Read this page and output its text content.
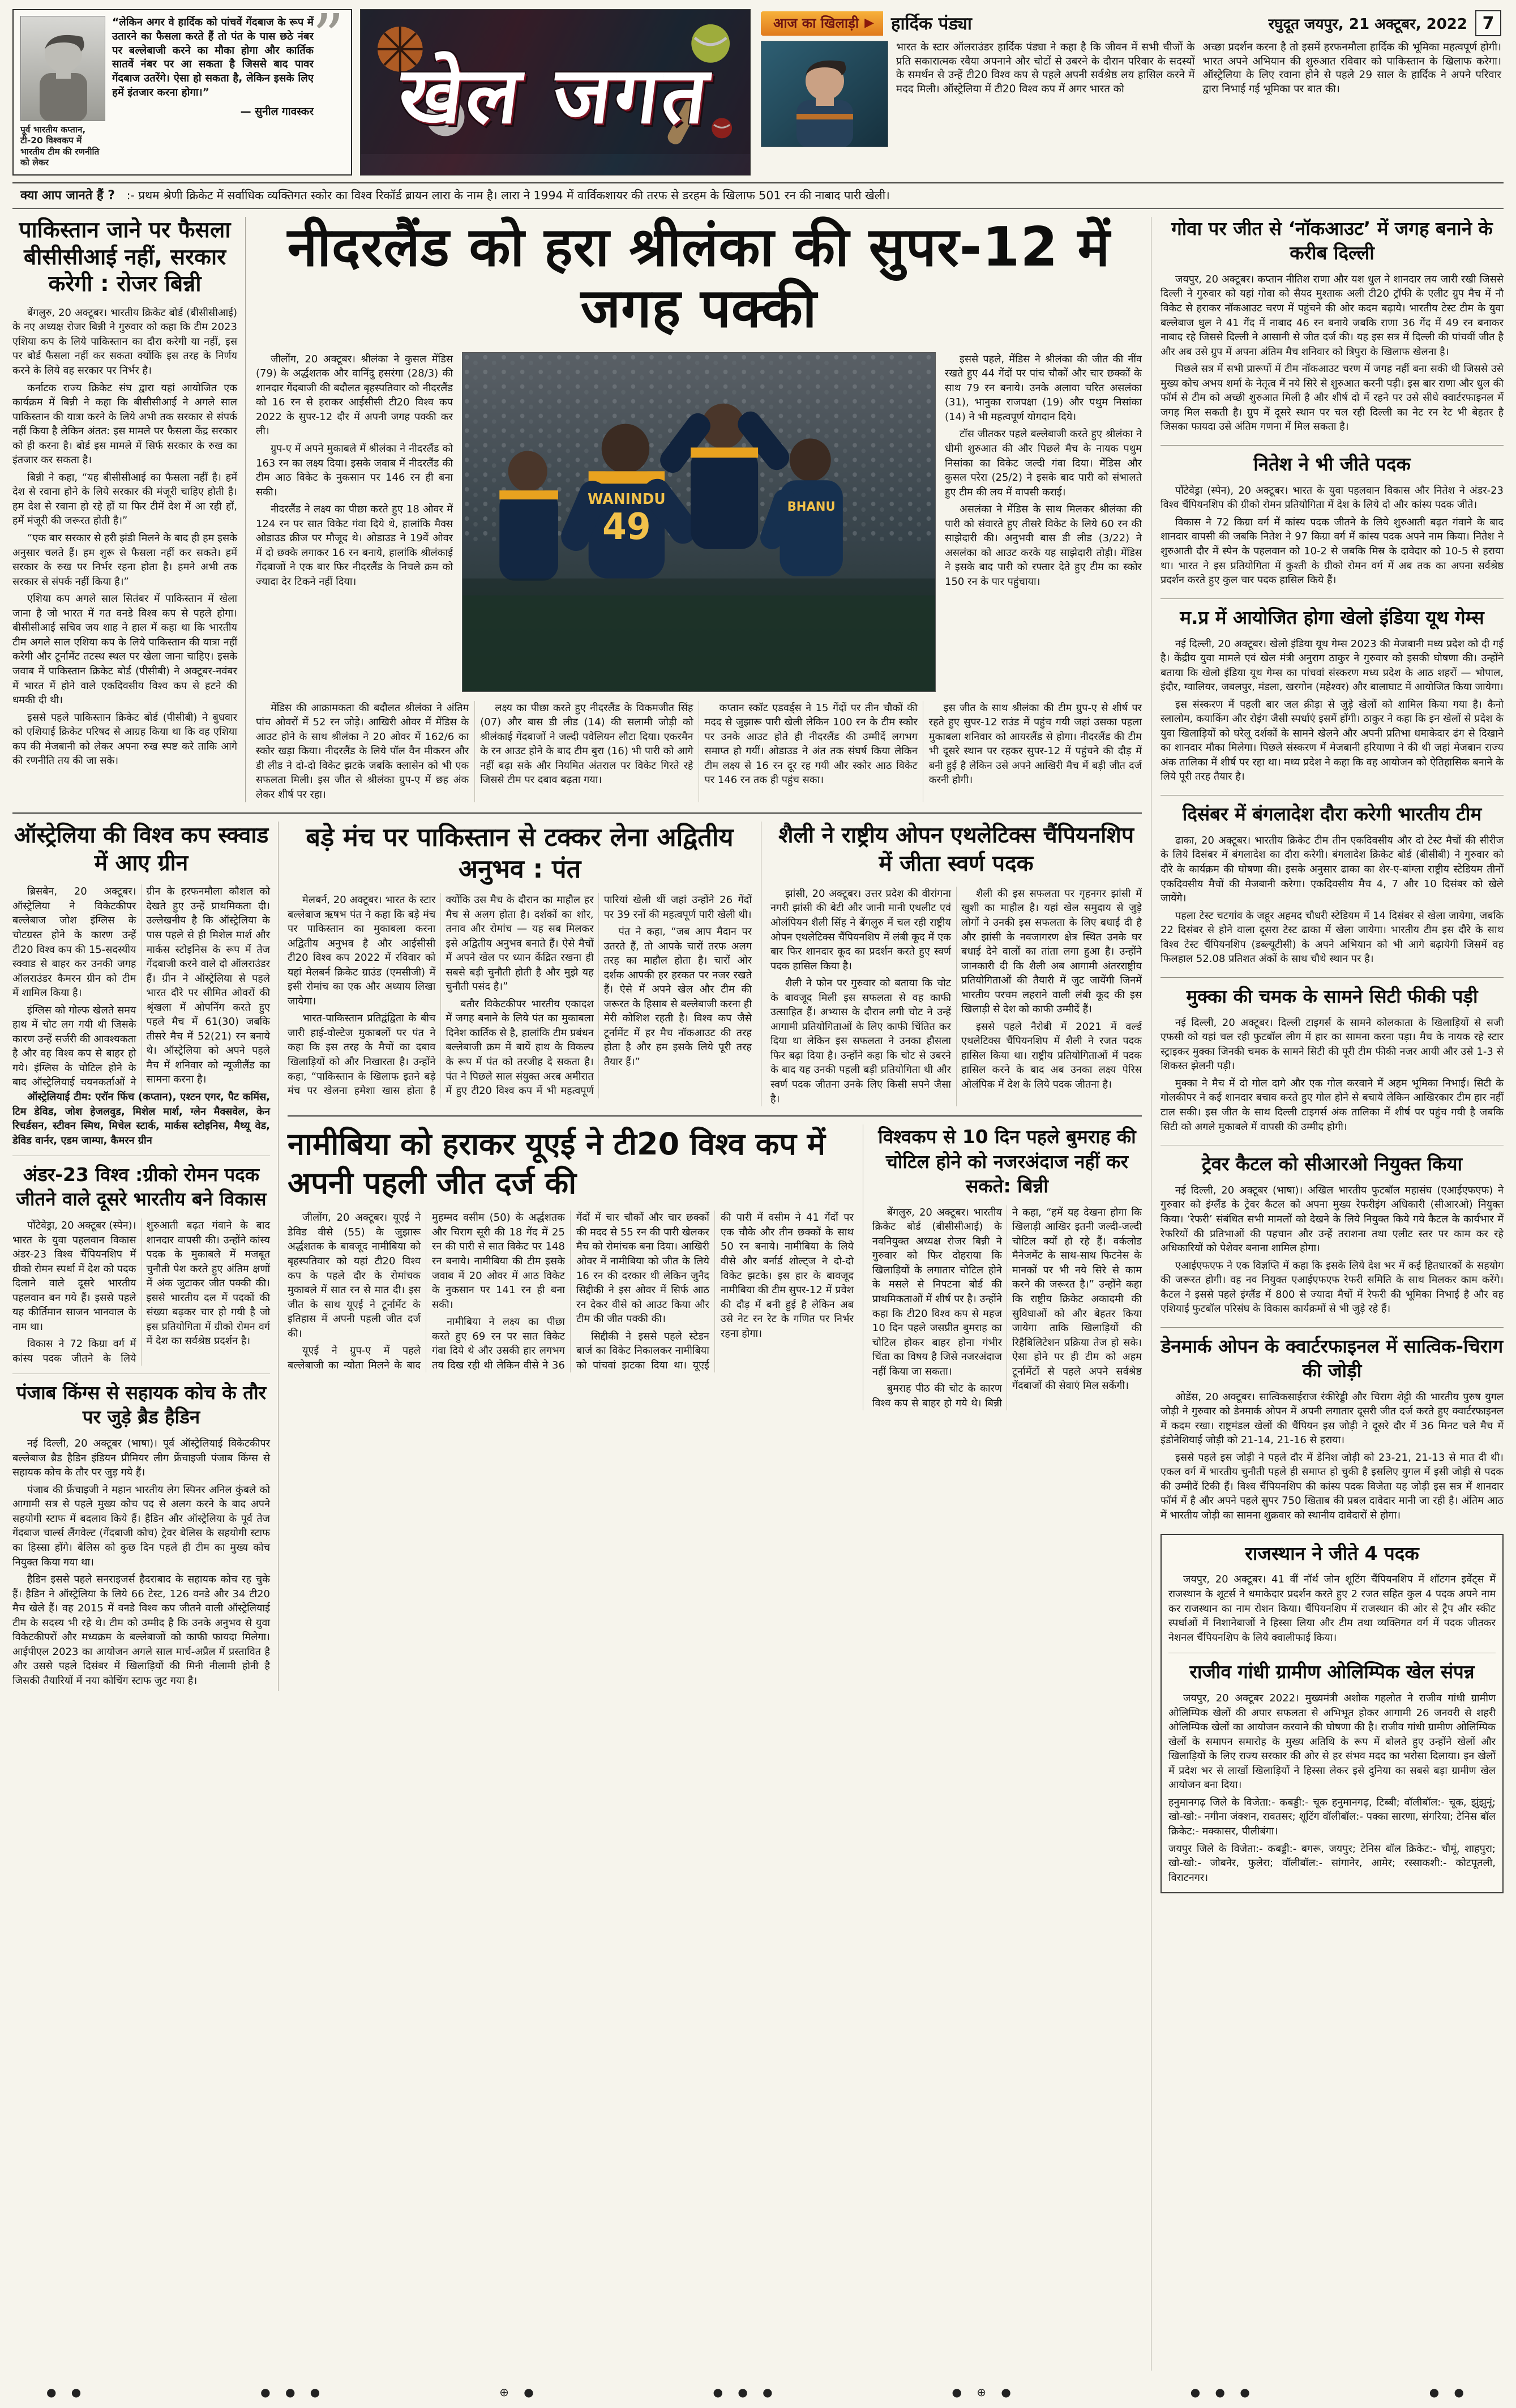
”

“लेकिन अगर वे हार्दिक को पांचवें गेंदबाज के रूप में उतारने का फैसला करते हैं तो पंत के पास छठे नंबर पर बल्लेबाजी करने का मौका होगा और कार्तिक सातवें नंबर पर आ सकता है जिससे बाद पावर गेंदबाज उतरेंगे। ऐसा हो सकता है, लेकिन इसके लिए हमें इंतजार करना होगा।”

— सुनील गावस्कर

पूर्व भारतीय कप्तान, टी-20 विश्वकप में भारतीय टीम की रणनीति को लेकर

खेल जगत
आज का खिलाड़ी ▶ हार्दिक पंड्या	रघुदूत जयपुर, 21 अक्टूबर, 2022 7

भारत के स्टार ऑलराउंडर हार्दिक पंड्या ने कहा है कि जीवन में सभी चीजों के प्रति सकारात्मक रवैया अपनाने और चोटों से उबरने के दौरान परिवार के सदस्यों के समर्थन से उन्हें टी20 विश्व कप से पहले अपनी सर्वश्रेष्ठ लय हासिल करने में मदद मिली। ऑस्ट्रेलिया में टी20 विश्व कप में अगर भारत को

अच्छा प्रदर्शन करना है तो इसमें हरफनमौला हार्दिक की भूमिका महत्वपूर्ण होगी। भारत अपने अभियान की शुरुआत रविवार को पाकिस्तान के खिलाफ करेगा। ऑस्ट्रेलिया के लिए रवाना होने से पहले 29 साल के हार्दिक ने अपने परिवार द्वारा निभाई गई भूमिका पर बात की।

क्या आप जानते हैं ? :- प्रथम श्रेणी क्रिकेट में सर्वाधिक व्यक्तिगत स्कोर का विश्व रिकॉर्ड ब्रायन लारा के नाम है। लारा ने 1994 में वार्विकशायर की तरफ से डरहम के खिलाफ 501 रन की नाबाद पारी खेली।
पाकिस्तान जाने पर फैसला बीसीसीआई नहीं, सरकार करेगी : रोजर बिन्नी

बेंगलुरु, 20 अक्टूबर। भारतीय क्रिकेट बोर्ड (बीसीसीआई) के नए अध्यक्ष रोजर बिन्नी ने गुरुवार को कहा कि टीम 2023 एशिया कप के लिये पाकिस्तान का दौरा करेगी या नहीं, इस पर बोर्ड फैसला नहीं कर सकता क्योंकि इस तरह के निर्णय करने के लिये वह सरकार पर निर्भर है।

कर्नाटक राज्य क्रिकेट संघ द्वारा यहां आयोजित एक कार्यक्रम में बिन्नी ने कहा कि बीसीसीआई ने अगले साल पाकिस्तान की यात्रा करने के लिये अभी तक सरकार से संपर्क नहीं किया है लेकिन अंतत: इस मामले पर फैसला केंद्र सरकार को ही करना है। बोर्ड इस मामले में सिर्फ सरकार के रुख का इंतजार कर सकता है।

बिन्नी ने कहा, “यह बीसीसीआई का फैसला नहीं है। हमें देश से रवाना होने के लिये सरकार की मंजूरी चाहिए होती है। हम देश से रवाना हो रहे हों या फिर टीमें देश में आ रही हों, हमें मंजूरी की जरूरत होती है।”

“एक बार सरकार से हरी झंडी मिलने के बाद ही हम इसके अनुसार चलते हैं। हम शुरू से फैसला नहीं कर सकते। हमें सरकार के रुख पर निर्भर रहना होता है। हमने अभी तक सरकार से संपर्क नहीं किया है।”

एशिया कप अगले साल सितंबर में पाकिस्तान में खेला जाना है जो भारत में गत वनडे विश्व कप से पहले होगा। बीसीसीआई सचिव जय शाह ने हाल में कहा था कि भारतीय टीम अगले साल एशिया कप के लिये पाकिस्तान की यात्रा नहीं करेगी और टूर्नामेंट तटस्थ स्थल पर खेला जाना चाहिए। इसके जवाब में पाकिस्तान क्रिकेट बोर्ड (पीसीबी) ने अक्टूबर-नवंबर में भारत में होने वाले एकदिवसीय विश्व कप से हटने की धमकी दी थी।

इससे पहले पाकिस्तान क्रिकेट बोर्ड (पीसीबी) ने बुधवार को एशियाई क्रिकेट परिषद से आग्रह किया था कि वह एशिया कप की मेजबानी को लेकर अपना रुख स्पष्ट करे ताकि आगे की रणनीति तय की जा सके।

नीदरलैंड को हरा श्रीलंका की सुपर-12 में जगह पक्की

जीलोंग, 20 अक्टूबर। श्रीलंका ने कुसल मेंडिस (79) के अर्द्धशतक और वानिंदु हसरंगा (28/3) की शानदार गेंदबाजी की बदौलत बृहस्पतिवार को नीदरलैंड को 16 रन से हराकर आईसीसी टी20 विश्व कप 2022 के सुपर-12 दौर में अपनी जगह पक्की कर ली।

ग्रुप-ए में अपने मुकाबले में श्रीलंका ने नीदरलैंड को 163 रन का लक्ष्य दिया। इसके जवाब में नीदरलैंड की टीम आठ विकेट के नुकसान पर 146 रन ही बना सकी।

नीदरलैंड ने लक्ष्य का पीछा करते हुए 18 ओवर में 124 रन पर सात विकेट गंवा दिये थे, हालांकि मैक्स ओडाउड क्रीज पर मौजूद थे। ओडाउड ने 19वें ओवर में दो छक्के लगाकर 16 रन बनाये, हालांकि श्रीलंकाई गेंदबाजों ने एक बार फिर नीदरलैंड के निचले क्रम को ज्यादा देर टिकने नहीं दिया।

WANINDU
49	BHANU

इससे पहले, मेंडिस ने श्रीलंका की जीत की नींव रखते हुए 44 गेंदों पर पांच चौकों और चार छक्कों के साथ 79 रन बनाये। उनके अलावा चरित असलंका (31), भानुका राजपक्षा (19) और पथुम निसांका (14) ने भी महत्वपूर्ण योगदान दिये।

टॉस जीतकर पहले बल्लेबाजी करते हुए श्रीलंका ने धीमी शुरुआत की और पिछले मैच के नायक पथुम निसांका का विकेट जल्दी गंवा दिया। मेंडिस और कुसल परेरा (25/2) ने इसके बाद पारी को संभालते हुए टीम की लय में वापसी कराई।

असलंका ने मेंडिस के साथ मिलकर श्रीलंका की पारी को संवारते हुए तीसरे विकेट के लिये 60 रन की साझेदारी की। अनुभवी बास डी लीड (3/22) ने असलंका को आउट करके यह साझेदारी तोड़ी। मेंडिस ने इसके बाद पारी को रफ्तार देते हुए टीम का स्कोर 150 रन के पार पहुंचाया।

मेंडिस की आक्रामकता की बदौलत श्रीलंका ने अंतिम पांच ओवरों में 52 रन जोड़े। आखिरी ओवर में मेंडिस के आउट होने के साथ श्रीलंका ने 20 ओवर में 162/6 का स्कोर खड़ा किया। नीदरलैंड के लिये पॉल वैन मीकरन और डी लीड ने दो-दो विकेट झटके जबकि क्लासेन को भी एक सफलता मिली। इस जीत से श्रीलंका ग्रुप-ए में छह अंक लेकर शीर्ष पर रहा।

लक्ष्य का पीछा करते हुए नीदरलैंड के विकमजीत सिंह (07) और बास डी लीड (14) की सलामी जोड़ी को श्रीलंकाई गेंदबाजों ने जल्दी पवेलियन लौटा दिया। एकरमैन के रन आउट होने के बाद टीम बुरा (16) भी पारी को आगे नहीं बढ़ा सके और नियमित अंतराल पर विकेट गिरते रहे जिससे टीम पर दबाव बढ़ता गया।

कप्तान स्कॉट एडवर्ड्स ने 15 गेंदों पर तीन चौकों की मदद से जुझारू पारी खेली लेकिन 100 रन के टीम स्कोर पर उनके आउट होते ही नीदरलैंड की उम्मीदें लगभग समाप्त हो गयीं। ओडाउड ने अंत तक संघर्ष किया लेकिन टीम लक्ष्य से 16 रन दूर रह गयी और स्कोर आठ विकेट पर 146 रन तक ही पहुंच सका।

इस जीत के साथ श्रीलंका की टीम ग्रुप-ए से शीर्ष पर रहते हुए सुपर-12 राउंड में पहुंच गयी जहां उसका पहला मुकाबला शनिवार को आयरलैंड से होगा। नीदरलैंड की टीम भी दूसरे स्थान पर रहकर सुपर-12 में पहुंचने की दौड़ में बनी हुई है लेकिन उसे अपने आखिरी मैच में बड़ी जीत दर्ज करनी होगी।

ऑस्ट्रेलिया की विश्व कप स्क्वाड में आए ग्रीन

ब्रिसबेन, 20 अक्टूबर। ऑस्ट्रेलिया ने विकेटकीपर बल्लेबाज जोश इंग्लिस के चोटग्रस्त होने के कारण उन्हें टी20 विश्व कप की 15-सदस्यीय स्क्वाड से बाहर कर उनकी जगह ऑलराउंडर कैमरन ग्रीन को टीम में शामिल किया है।

इंग्लिस को गोल्फ खेलते समय हाथ में चोट लग गयी थी जिसके कारण उन्हें सर्जरी की आवश्यकता है और वह विश्व कप से बाहर हो गये। इंग्लिस के चोटिल होने के बाद ऑस्ट्रेलियाई चयनकर्ताओं ने ग्रीन के हरफनमौला कौशल को देखते हुए उन्हें प्राथमिकता दी। उल्लेखनीय है कि ऑस्ट्रेलिया के पास पहले से ही मिशेल मार्श और मार्कस स्टोइनिस के रूप में तेज गेंदबाजी करने वाले दो ऑलराउंडर हैं। ग्रीन ने ऑस्ट्रेलिया से पहले भारत दौरे पर सीमित ओवरों की श्रृंखला में ओपनिंग करते हुए पहले मैच में 61(30) जबकि तीसरे मैच में 52(21) रन बनाये थे। ऑस्ट्रेलिया को अपने पहले मैच में शनिवार को न्यूजीलैंड का सामना करना है।

ऑस्ट्रेलियाई टीम: एरॉन फिंच (कप्तान), एश्टन एगर, पैट कमिंस, टिम डेविड, जोश हेजलवुड, मिशेल मार्श, ग्लेन मैक्सवेल, केन रिचर्डसन, स्टीवन स्मिथ, मिचेल स्टार्क, मार्कस स्टोइनिस, मैथ्यू वेड, डेविड वार्नर, एडम जाम्पा, कैमरन ग्रीन

अंडर-23 विश्व :ग्रीको रोमन पदक जीतने वाले दूसरे भारतीय बने विकास

पोंटेवेड्रा, 20 अक्टूबर (स्पेन)। भारत के युवा पहलवान विकास अंडर-23 विश्व चैंपियनशिप में ग्रीको रोमन स्पर्धा में देश को पदक दिलाने वाले दूसरे भारतीय पहलवान बन गये हैं। इससे पहले यह कीर्तिमान साजन भानवाल के नाम था।

विकास ने 72 किग्रा वर्ग में कांस्य पदक जीतने के लिये शुरुआती बढ़त गंवाने के बाद शानदार वापसी की। उन्होंने कांस्य पदक के मुकाबले में मजबूत चुनौती पेश करते हुए अंतिम क्षणों में अंक जुटाकर जीत पक्की की। इससे भारतीय दल में पदकों की संख्या बढ़कर चार हो गयी है जो इस प्रतियोगिता में ग्रीको रोमन वर्ग में देश का सर्वश्रेष्ठ प्रदर्शन है।

पंजाब किंग्स से सहायक कोच के तौर पर जुड़े ब्रैड हैडिन

नई दिल्ली, 20 अक्टूबर (भाषा)। पूर्व ऑस्ट्रेलियाई विकेटकीपर बल्लेबाज ब्रैड हैडिन इंडियन प्रीमियर लीग फ्रेंचाइजी पंजाब किंग्स से सहायक कोच के तौर पर जुड़ गये हैं।

पंजाब की फ्रेंचाइजी ने महान भारतीय लेग स्पिनर अनिल कुंबले को आगामी सत्र से पहले मुख्य कोच पद से अलग करने के बाद अपने सहयोगी स्टाफ में बदलाव किये हैं। हैडिन और ऑस्ट्रेलिया के पूर्व तेज गेंदबाज चार्ल्स लैंगवेल्ट (गेंदबाजी कोच) ट्रेवर बेलिस के सहयोगी स्टाफ का हिस्सा होंगे। बेलिस को कुछ दिन पहले ही टीम का मुख्य कोच नियुक्त किया गया था।

हैडिन इससे पहले सनराइजर्स हैदराबाद के सहायक कोच रह चुके हैं। हैडिन ने ऑस्ट्रेलिया के लिये 66 टेस्ट, 126 वनडे और 34 टी20 मैच खेले हैं। वह 2015 में वनडे विश्व कप जीतने वाली ऑस्ट्रेलियाई टीम के सदस्य भी रहे थे। टीम को उम्मीद है कि उनके अनुभव से युवा विकेटकीपरों और मध्यक्रम के बल्लेबाजों को काफी फायदा मिलेगा। आईपीएल 2023 का आयोजन अगले साल मार्च-अप्रैल में प्रस्तावित है और उससे पहले दिसंबर में खिलाड़ियों की मिनी नीलामी होनी है जिसकी तैयारियों में नया कोचिंग स्टाफ जुट गया है।

बड़े मंच पर पाकिस्तान से टक्कर लेना अद्वितीय अनुभव : पंत

मेलबर्न, 20 अक्टूबर। भारत के स्टार बल्लेबाज ऋषभ पंत ने कहा कि बड़े मंच पर पाकिस्तान का मुकाबला करना अद्वितीय अनुभव है और आईसीसी टी20 विश्व कप 2022 में रविवार को यहां मेलबर्न क्रिकेट ग्राउंड (एमसीजी) में इसी रोमांच का एक और अध्याय लिखा जायेगा।

भारत-पाकिस्तान प्रतिद्वंद्विता के बीच जारी हाई-वोल्टेज मुकाबलों पर पंत ने कहा कि इस तरह के मैचों का दबाव खिलाड़ियों को और निखारता है। उन्होंने कहा, “पाकिस्तान के खिलाफ इतने बड़े मंच पर खेलना हमेशा खास होता है क्योंकि उस मैच के दौरान का माहौल हर मैच से अलग होता है। दर्शकों का शोर, तनाव और रोमांच — यह सब मिलकर इसे अद्वितीय अनुभव बनाते हैं। ऐसे मैचों में अपने खेल पर ध्यान केंद्रित रखना ही सबसे बड़ी चुनौती होती है और मुझे यह चुनौती पसंद है।”

बतौर विकेटकीपर भारतीय एकादश में जगह बनाने के लिये पंत का मुकाबला दिनेश कार्तिक से है, हालांकि टीम प्रबंधन बल्लेबाजी क्रम में बायें हाथ के विकल्प के रूप में पंत को तरजीह दे सकता है। पंत ने पिछले साल संयुक्त अरब अमीरात में हुए टी20 विश्व कप में भी महत्वपूर्ण पारियां खेली थीं जहां उन्होंने 26 गेंदों पर 39 रनों की महत्वपूर्ण पारी खेली थी।

पंत ने कहा, “जब आप मैदान पर उतरते हैं, तो आपके चारों तरफ अलग तरह का माहौल होता है। चारों ओर दर्शक आपकी हर हरकत पर नजर रखते हैं। ऐसे में अपने खेल और टीम की जरूरत के हिसाब से बल्लेबाजी करना ही मेरी कोशिश रहती है। विश्व कप जैसे टूर्नामेंट में हर मैच नॉकआउट की तरह होता है और हम इसके लिये पूरी तरह तैयार हैं।”

शैली ने राष्ट्रीय ओपन एथलेटिक्स चैंपियनशिप में जीता स्वर्ण पदक

झांसी, 20 अक्टूबर। उत्तर प्रदेश की वीरांगना नगरी झांसी की बेटी और जानी मानी एथलीट एवं ओलंपियन शैली सिंह ने बेंगलुरु में चल रही राष्ट्रीय ओपन एथलेटिक्स चैंपियनशिप में लंबी कूद में एक बार फिर शानदार कूद का प्रदर्शन करते हुए स्वर्ण पदक हासिल किया है।

शैली ने फोन पर गुरुवार को बताया कि चोट के बावजूद मिली इस सफलता से वह काफी उत्साहित हैं। अभ्यास के दौरान लगी चोट ने उन्हें आगामी प्रतियोगिताओं के लिए काफी चिंतित कर दिया था लेकिन इस सफलता ने उनका हौसला फिर बढ़ा दिया है। उन्होंने कहा कि चोट से उबरने के बाद यह उनकी पहली बड़ी प्रतियोगिता थी और स्वर्ण पदक जीतना उनके लिए किसी सपने जैसा है।

शैली की इस सफलता पर गृहनगर झांसी में खुशी का माहौल है। यहां खेल समुदाय से जुड़े लोगों ने उनकी इस सफलता के लिए बधाई दी है और झांसी के नवजागरण क्षेत्र स्थित उनके घर बधाई देने वालों का तांता लगा हुआ है। उन्होंने जानकारी दी कि शैली अब आगामी अंतरराष्ट्रीय प्रतियोगिताओं की तैयारी में जुट जायेंगी जिनमें भारतीय परचम लहराने वाली लंबी कूद की इस खिलाड़ी से देश को काफी उम्मीदें हैं।

इससे पहले नैरोबी में 2021 में वर्ल्ड एथलेटिक्स चैंपियनशिप में शैली ने रजत पदक हासिल किया था। राष्ट्रीय प्रतियोगिताओं में पदक हासिल करने के बाद अब उनका लक्ष्य पेरिस ओलंपिक में देश के लिये पदक जीतना है।

नामीबिया को हराकर यूएई ने टी20 विश्व कप में अपनी पहली जीत दर्ज की

जीलोंग, 20 अक्टूबर। यूएई ने डेविड वीसे (55) के जुझारू अर्द्धशतक के बावजूद नामीबिया को बृहस्पतिवार को यहां टी20 विश्व कप के पहले दौर के रोमांचक मुकाबले में सात रन से मात दी। इस जीत के साथ यूएई ने टूर्नामेंट के इतिहास में अपनी पहली जीत दर्ज की।

यूएई ने ग्रुप-ए में पहले बल्लेबाजी का न्योता मिलने के बाद मुहम्मद वसीम (50) के अर्द्धशतक और चिराग सूरी की 18 गेंद में 25 रन की पारी से सात विकेट पर 148 रन बनाये। नामीबिया की टीम इसके जवाब में 20 ओवर में आठ विकेट के नुकसान पर 141 रन ही बना सकी।

नामीबिया ने लक्ष्य का पीछा करते हुए 69 रन पर सात विकेट गंवा दिये थे और उसकी हार लगभग तय दिख रही थी लेकिन वीसे ने 36 गेंदों में चार चौकों और चार छक्कों की मदद से 55 रन की पारी खेलकर मैच को रोमांचक बना दिया। आखिरी ओवर में नामीबिया को जीत के लिये 16 रन की दरकार थी लेकिन जुनैद सिद्दीकी ने इस ओवर में सिर्फ आठ रन देकर वीसे को आउट किया और टीम की जीत पक्की की।

सिद्दीकी ने इससे पहले स्टेडन बार्ज का विकेट निकालकर नामीबिया को पांचवां झटका दिया था। यूएई की पारी में वसीम ने 41 गेंदों पर एक चौके और तीन छक्कों के साथ 50 रन बनाये। नामीबिया के लिये वीसे और बर्नार्ड शोल्ट्ज ने दो-दो विकेट झटके। इस हार के बावजूद नामीबिया की टीम सुपर-12 में प्रवेश की दौड़ में बनी हुई है लेकिन अब उसे नेट रन रेट के गणित पर निर्भर रहना होगा।

विश्वकप से 10 दिन पहले बुमराह की चोटिल होने को नजरअंदाज नहीं कर सकते: बिन्नी

बेंगलुरु, 20 अक्टूबर। भारतीय क्रिकेट बोर्ड (बीसीसीआई) के नवनियुक्त अध्यक्ष रोजर बिन्नी ने गुरुवार को फिर दोहराया कि खिलाड़ियों के लगातार चोटिल होने के मसले से निपटना बोर्ड की प्राथमिकताओं में शीर्ष पर है। उन्होंने कहा कि टी20 विश्व कप से महज 10 दिन पहले जसप्रीत बुमराह का चोटिल होकर बाहर होना गंभीर चिंता का विषय है जिसे नजरअंदाज नहीं किया जा सकता।

बुमराह पीठ की चोट के कारण विश्व कप से बाहर हो गये थे। बिन्नी ने कहा, “हमें यह देखना होगा कि खिलाड़ी आखिर इतनी जल्दी-जल्दी चोटिल क्यों हो रहे हैं। वर्कलोड मैनेजमेंट के साथ-साथ फिटनेस के मानकों पर भी नये सिरे से काम करने की जरूरत है।” उन्होंने कहा कि राष्ट्रीय क्रिकेट अकादमी की सुविधाओं को और बेहतर किया जायेगा ताकि खिलाड़ियों की रिहैबिलिटेशन प्रक्रिया तेज हो सके। ऐसा होने पर ही टीम को अहम टूर्नामेंटों से पहले अपने सर्वश्रेष्ठ गेंदबाजों की सेवाएं मिल सकेंगी।

गोवा पर जीत से ‘नॉकआउट’ में जगह बनाने के करीब दिल्ली

जयपुर, 20 अक्टूबर। कप्तान नीतिश राणा और यश धुल ने शानदार लय जारी रखी जिससे दिल्ली ने गुरुवार को यहां गोवा को सैयद मुश्ताक अली टी20 ट्रॉफी के एलीट ग्रुप मैच में नौ विकेट से हराकर नॉकआउट चरण में पहुंचने की ओर कदम बढ़ाये। भारतीय टेस्ट टीम के युवा बल्लेबाज धुल ने 41 गेंद में नाबाद 46 रन बनाये जबकि राणा 36 गेंद में 49 रन बनाकर नाबाद रहे जिससे दिल्ली ने आसानी से जीत दर्ज की। यह इस सत्र में दिल्ली की पांचवीं जीत है और अब उसे ग्रुप में अपना अंतिम मैच शनिवार को त्रिपुरा के खिलाफ खेलना है।

पिछले सत्र में सभी प्रारूपों में टीम नॉकआउट चरण में जगह नहीं बना सकी थी जिससे उसे मुख्य कोच अभय शर्मा के नेतृत्व में नये सिरे से शुरुआत करनी पड़ी। इस बार राणा और धुल की फॉर्म से टीम को अच्छी शुरुआत मिली है और शीर्ष दो में रहने पर उसे सीधे क्वार्टरफाइनल में जगह मिल सकती है। ग्रुप में दूसरे स्थान पर चल रही दिल्ली का नेट रन रेट भी बेहतर है जिसका फायदा उसे अंतिम गणना में मिल सकता है।

नितेश ने भी जीते पदक

पोंटेवेड्रा (स्पेन), 20 अक्टूबर। भारत के युवा पहलवान विकास और नितेश ने अंडर-23 विश्व चैंपियनशिप की ग्रीको रोमन प्रतियोगिता में देश के लिये दो और कांस्य पदक जीते।

विकास ने 72 किग्रा वर्ग में कांस्य पदक जीतने के लिये शुरुआती बढ़त गंवाने के बाद शानदार वापसी की जबकि नितेश ने 97 किग्रा वर्ग में कांस्य पदक अपने नाम किया। नितेश ने शुरुआती दौर में स्पेन के पहलवान को 10-2 से जबकि मिस्र के दावेदार को 10-5 से हराया था। भारत ने इस प्रतियोगिता में कुश्ती के ग्रीको रोमन वर्ग में अब तक का अपना सर्वश्रेष्ठ प्रदर्शन करते हुए कुल चार पदक हासिल किये हैं।

म.प्र में आयोजित होगा खेलो इंडिया यूथ गेम्स

नई दिल्ली, 20 अक्टूबर। खेलो इंडिया यूथ गेम्स 2023 की मेजबानी मध्य प्रदेश को दी गई है। केंद्रीय युवा मामले एवं खेल मंत्री अनुराग ठाकुर ने गुरुवार को इसकी घोषणा की। उन्होंने बताया कि खेलो इंडिया यूथ गेम्स का पांचवां संस्करण मध्य प्रदेश के आठ शहरों — भोपाल, इंदौर, ग्वालियर, जबलपुर, मंडला, खरगोन (महेश्वर) और बालाघाट में आयोजित किया जायेगा।

इस संस्करण में पहली बार जल क्रीड़ा से जुड़े खेलों को शामिल किया गया है। कैनो स्लालोम, कयाकिंग और रोइंग जैसी स्पर्धाएं इसमें होंगी। ठाकुर ने कहा कि इन खेलों से प्रदेश के युवा खिलाड़ियों को घरेलू दर्शकों के सामने खेलने और अपनी प्रतिभा धमाकेदार ढंग से दिखाने का शानदार मौका मिलेगा। पिछले संस्करण में मेजबानी हरियाणा ने की थी जहां मेजबान राज्य अंक तालिका में शीर्ष पर रहा था। मध्य प्रदेश ने कहा कि वह आयोजन को ऐतिहासिक बनाने के लिये पूरी तरह तैयार है।

दिसंबर में बंगलादेश दौरा करेगी भारतीय टीम

ढाका, 20 अक्टूबर। भारतीय क्रिकेट टीम तीन एकदिवसीय और दो टेस्ट मैचों की सीरीज के लिये दिसंबर में बंगलादेश का दौरा करेगी। बंगलादेश क्रिकेट बोर्ड (बीसीबी) ने गुरुवार को दौरे के कार्यक्रम की घोषणा की। इसके अनुसार ढाका का शेर-ए-बांग्ला राष्ट्रीय स्टेडियम तीनों एकदिवसीय मैचों की मेजबानी करेगा। एकदिवसीय मैच 4, 7 और 10 दिसंबर को खेले जायेंगे।

पहला टेस्ट चटगांव के जहूर अहमद चौधरी स्टेडियम में 14 दिसंबर से खेला जायेगा, जबकि 22 दिसंबर से होने वाला दूसरा टेस्ट ढाका में खेला जायेगा। भारतीय टीम इस दौरे के साथ विश्व टेस्ट चैंपियनशिप (डब्ल्यूटीसी) के अपने अभियान को भी आगे बढ़ायेगी जिसमें वह फिलहाल 52.08 प्रतिशत अंकों के साथ चौथे स्थान पर है।

मुक्का की चमक के सामने सिटी फीकी पड़ी

नई दिल्ली, 20 अक्टूबर। दिल्ली टाइगर्स के सामने कोलकाता के खिलाड़ियों से सजी एफसी को यहां चल रही फुटबॉल लीग में हार का सामना करना पड़ा। मैच के नायक रहे स्टार स्ट्राइकर मुक्का जिनकी चमक के सामने सिटी की पूरी टीम फीकी नजर आयी और उसे 1-3 से शिकस्त झेलनी पड़ी।

मुक्का ने मैच में दो गोल दागे और एक गोल करवाने में अहम भूमिका निभाई। सिटी के गोलकीपर ने कई शानदार बचाव करते हुए गोल होने से बचाये लेकिन आखिरकार टीम हार नहीं टाल सकी। इस जीत के साथ दिल्ली टाइगर्स अंक तालिका में शीर्ष पर पहुंच गयी है जबकि सिटी को अगले मुकाबले में वापसी की उम्मीद होगी।

ट्रेवर कैटल को सीआरओ नियुक्त किया

नई दिल्ली, 20 अक्टूबर (भाषा)। अखिल भारतीय फुटबॉल महासंघ (एआईएफएफ) ने गुरुवार को इंग्लैंड के ट्रेवर कैटल को अपना मुख्य रेफरीइंग अधिकारी (सीआरओ) नियुक्त किया। ‘रेफरी’ संबंधित सभी मामलों को देखने के लिये नियुक्त किये गये कैटल के कार्यभार में रेफरियों की प्रतिभाओं की पहचान और उन्हें तराशना तथा एलीट स्तर पर काम कर रहे अधिकारियों को पेशेवर बनाना शामिल होगा।

एआईएफएफ ने एक विज्ञप्ति में कहा कि इसके लिये देश भर में कई हितधारकों के सहयोग की जरूरत होगी। वह नव नियुक्त एआईएफएफ रेफरी समिति के साथ मिलकर काम करेंगे। कैटल ने इससे पहले इंग्लैंड में 800 से ज्यादा मैचों में रेफरी की भूमिका निभाई है और वह एशियाई फुटबॉल परिसंघ के विकास कार्यक्रमों से भी जुड़े रहे हैं।

डेनमार्क ओपन के क्वार्टरफाइनल में सात्विक-चिराग की जोड़ी

ओडेंस, 20 अक्टूबर। सात्विकसाईराज रंकीरेड्डी और चिराग शेट्टी की भारतीय पुरुष युगल जोड़ी ने गुरुवार को डेनमार्क ओपन में अपनी लगातार दूसरी जीत दर्ज करते हुए क्वार्टरफाइनल में कदम रखा। राष्ट्रमंडल खेलों की चैंपियन इस जोड़ी ने दूसरे दौर में 36 मिनट चले मैच में इंडोनेशियाई जोड़ी को 21-14, 21-16 से हराया।

इससे पहले इस जोड़ी ने पहले दौर में डेनिश जोड़ी को 23-21, 21-13 से मात दी थी। एकल वर्ग में भारतीय चुनौती पहले ही समाप्त हो चुकी है इसलिए युगल में इसी जोड़ी से पदक की उम्मीदें टिकी हैं। विश्व चैंपियनशिप की कांस्य पदक विजेता यह जोड़ी इस सत्र में शानदार फॉर्म में है और अपने पहले सुपर 750 खिताब की प्रबल दावेदार मानी जा रही है। अंतिम आठ में भारतीय जोड़ी का सामना शुक्रवार को स्थानीय दावेदारों से होगा।

राजस्थान ने जीते 4 पदक

जयपुर, 20 अक्टूबर। 41 वीं नॉर्थ जोन शूटिंग चैंपियनशिप में शॉटगन इवेंट्स में राजस्थान के शूटर्स ने धमाकेदार प्रदर्शन करते हुए 2 रजत सहित कुल 4 पदक अपने नाम कर राजस्थान का नाम रोशन किया। चैंपियनशिप में राजस्थान की ओर से ट्रैप और स्कीट स्पर्धाओं में निशानेबाजों ने हिस्सा लिया और टीम तथा व्यक्तिगत वर्ग में पदक जीतकर नेशनल चैंपियनशिप के लिये क्वालीफाई किया।

राजीव गांधी ग्रामीण ओलिम्पिक खेल संपन्न

जयपुर, 20 अक्टूबर 2022। मुख्यमंत्री अशोक गहलोत ने राजीव गांधी ग्रामीण ओलिम्पिक खेलों की अपार सफलता से अभिभूत होकर आगामी 26 जनवरी से शहरी ओलिम्पिक खेलों का आयोजन करवाने की घोषणा की है। राजीव गांधी ग्रामीण ओलिम्पिक खेलों के समापन समारोह के मुख्य अतिथि के रूप में बोलते हुए उन्होंने खेलों और खिलाड़ियों के लिए राज्य सरकार की ओर से हर संभव मदद का भरोसा दिलाया। इन खेलों में प्रदेश भर से लाखों खिलाड़ियों ने हिस्सा लेकर इसे दुनिया का सबसे बड़ा ग्रामीण खेल आयोजन बना दिया।

हनुमानगढ़ जिले के विजेता:- कबड्डी:- चूक हनुमानगढ़, टिब्बी; वॉलीबॉल:- चूक, झुंझुनूं; खो-खो:- नगीना जंक्शन, रावतसर; शूटिंग वॉलीबॉल:- पक्का सारणा, संगरिया; टेनिस बॉल क्रिकेट:- मक्कासर, पीलीबंगा।

जयपुर जिले के विजेता:- कबड्डी:- बगरू, जयपुर; टेनिस बॉल क्रिकेट:- चौमूं, शाहपुरा; खो-खो:- जोबनेर, फुलेरा; वॉलीबॉल:- सांगानेर, आमेर; रस्साकशी:- कोटपूतली, विराटनगर।

● ●	● ● ●	⊕ ●	● ● ●	● ⊕ ●	● ● ●	● ●
